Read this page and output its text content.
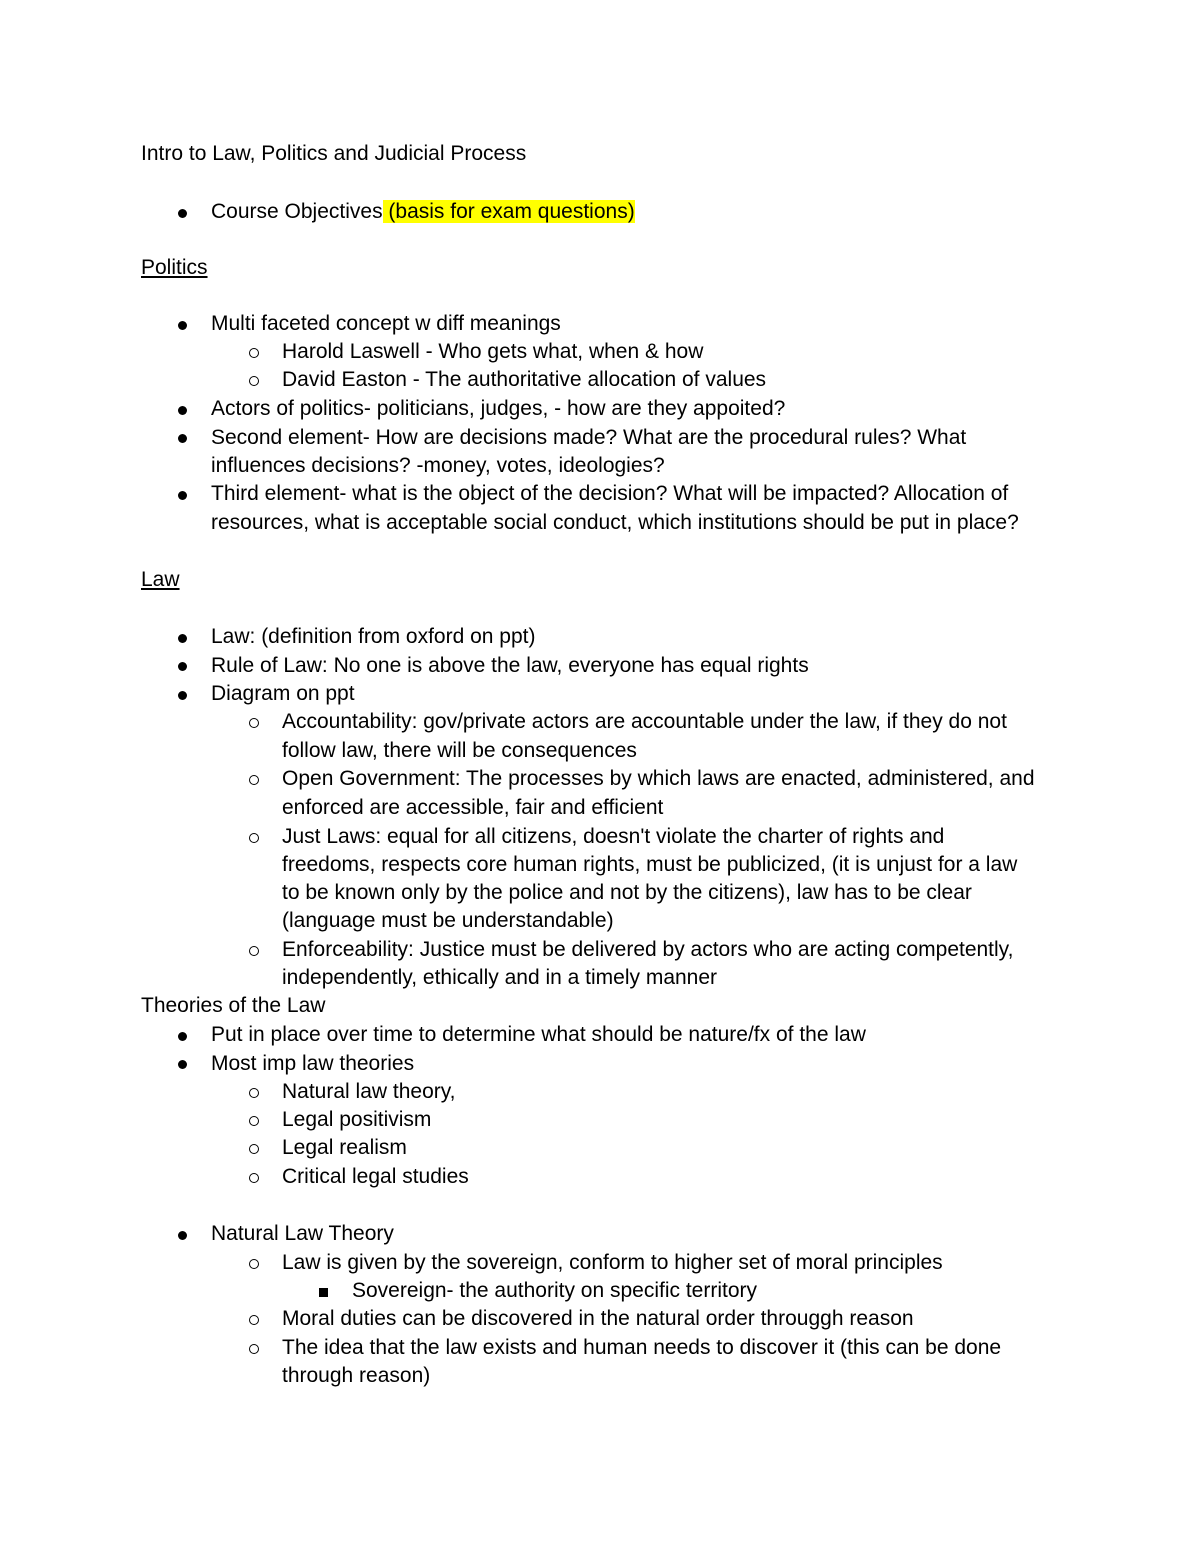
Intro to Law, Politics and Judicial Process
Course Objectives (basis for exam questions)
Politics
Multi faceted concept w diff meanings
Harold Laswell - Who gets what, when & how
David Easton - The authoritative allocation of values
Actors of politics- politicians, judges, - how are they appoited?
Second element- How are decisions made? What are the procedural rules? What
influences decisions? -money, votes, ideologies?
Third element- what is the object of the decision? What will be impacted? Allocation of
resources, what is acceptable social conduct, which institutions should be put in place?
Law
Law: (definition from oxford on ppt)
Rule of Law: No one is above the law, everyone has equal rights
Diagram on ppt
Accountability: gov/private actors are accountable under the law, if they do not
follow law, there will be consequences
Open Government: The processes by which laws are enacted, administered, and
enforced are accessible, fair and efficient
Just Laws: equal for all citizens, doesn't violate the charter of rights and
freedoms, respects core human rights, must be publicized, (it is unjust for a law
to be known only by the police and not by the citizens), law has to be clear
(language must be understandable)
Enforceability: Justice must be delivered by actors who are acting competently,
independently, ethically and in a timely manner
Theories of the Law
Put in place over time to determine what should be nature/fx of the law
Most imp law theories
Natural law theory,
Legal positivism
Legal realism
Critical legal studies
Natural Law Theory
Law is given by the sovereign, conform to higher set of moral principles
Sovereign- the authority on specific territory
Moral duties can be discovered in the natural order througgh reason
The idea that the law exists and human needs to discover it (this can be done
through reason)
